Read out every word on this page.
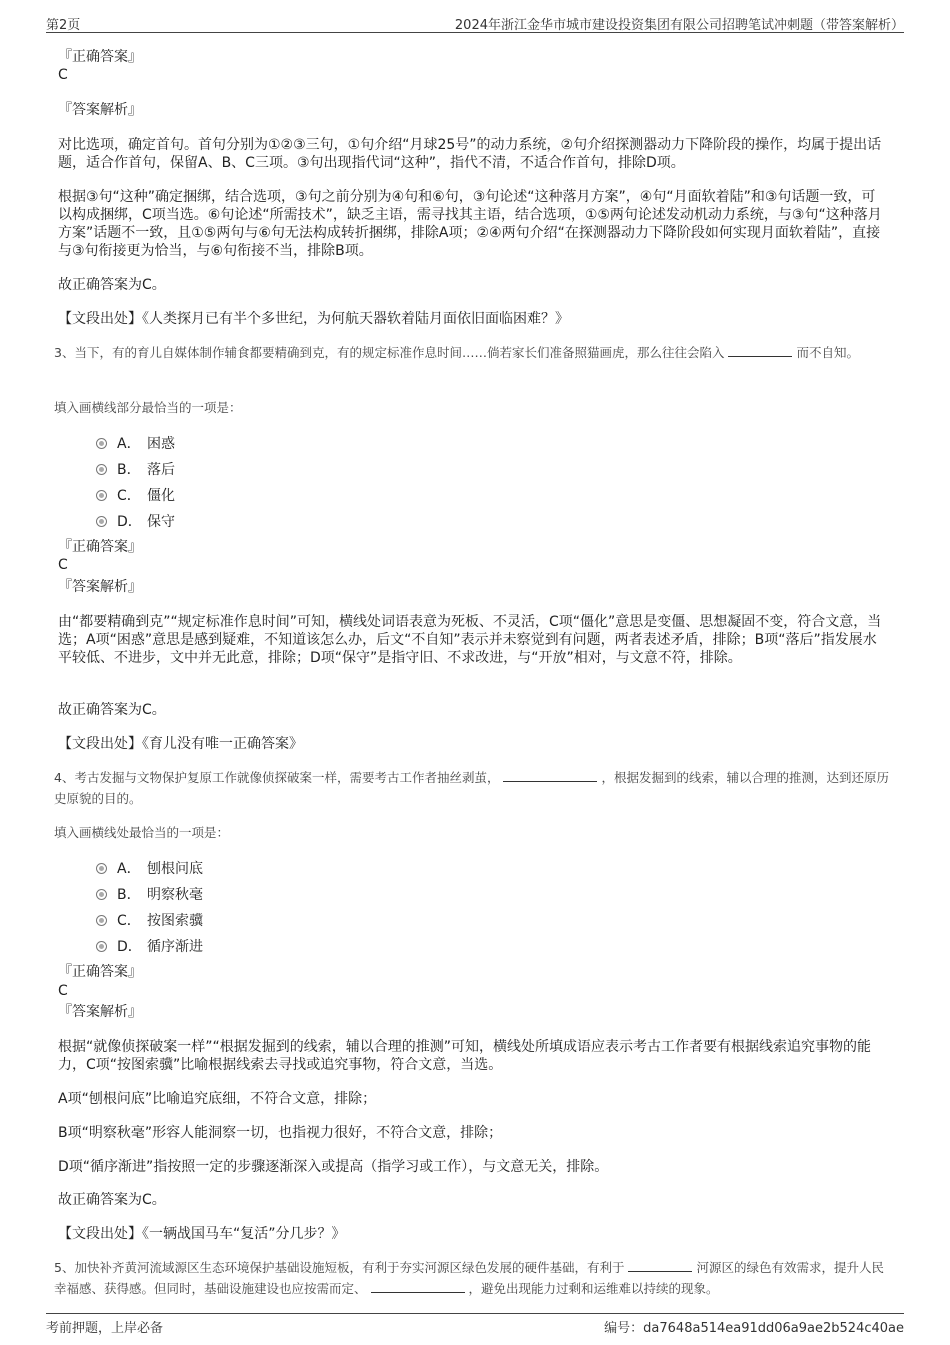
第2页	2024年浙江金华市城市建设投资集团有限公司招聘笔试冲刺题（带答案解析）
『正确答案』
C
『答案解析』
对比选项，确定首句。首句分别为①②③三句，①句介绍“月球25号”的动力系统，②句介绍探测器动力下降阶段的操作，均属于提出话题，适合作首句，保留A、B、C三项。③句出现指代词“这种”，指代不清，不适合作首句，排除D项。
根据③句“这种”确定捆绑，结合选项，③句之前分别为④句和⑥句，③句论述“这种落月方案”，④句“月面软着陆”和③句话题一致，可以构成捆绑，C项当选。⑥句论述“所需技术”，缺乏主语，需寻找其主语，结合选项，①⑤两句论述发动机动力系统，与③句“这种落月方案”话题不一致，且①⑤两句与⑥句无法构成转折捆绑，排除A项；②④两句介绍“在探测器动力下降阶段如何实现月面软着陆”，直接与③句衔接更为恰当，与⑥句衔接不当，排除B项。
故正确答案为C。
【文段出处】《人类探月已有半个多世纪，为何航天器软着陆月面依旧面临困难？》
3、当下，有的育儿自媒体制作辅食都要精确到克，有的规定标准作息时间……倘若家长们准备照猫画虎，那么往往会陷入	而不自知。
填入画横线部分最恰当的一项是：
A． 困惑
B． 落后
C． 僵化
D． 保守
『正确答案』
C
『答案解析』
由“都要精确到克”“规定标准作息时间”可知，横线处词语表意为死板、不灵活，C项“僵化”意思是变僵、思想凝固不变，符合文意，当选；A项“困惑”意思是感到疑难，不知道该怎么办，后文“不自知”表示并未察觉到有问题，两者表述矛盾，排除；B项“落后”指发展水平较低、不进步，文中并无此意，排除；D项“保守”是指守旧、不求改进，与“开放”相对，与文意不符，排除。
故正确答案为C。
【文段出处】《育儿没有唯一正确答案》
4、考古发掘与文物保护复原工作就像侦探破案一样，需要考古工作者抽丝剥茧，	，根据发掘到的线索，辅以合理的推测，达到还原历史原貌的目的。
填入画横线处最恰当的一项是：
A． 刨根问底
B． 明察秋毫
C． 按图索骥
D． 循序渐进
『正确答案』
C
『答案解析』
根据“就像侦探破案一样”“根据发掘到的线索，辅以合理的推测”可知，横线处所填成语应表示考古工作者要有根据线索追究事物的能力，C项“按图索骥”比喻根据线索去寻找或追究事物，符合文意，当选。
A项“刨根问底”比喻追究底细，不符合文意，排除；
B项“明察秋毫”形容人能洞察一切，也指视力很好，不符合文意，排除；
D项“循序渐进”指按照一定的步骤逐渐深入或提高（指学习或工作），与文意无关，排除。
故正确答案为C。
【文段出处】《一辆战国马车“复活”分几步？》
5、加快补齐黄河流域源区生态环境保护基础设施短板，有利于夯实河源区绿色发展的硬件基础，有利于	河源区的绿色有效需求，提升人民幸福感、获得感。但同时，基础设施建设也应按需而定、	，避免出现能力过剩和运维难以持续的现象。
考前押题，上岸必备	编号：da7648a514ea91dd06a9ae2b524c40ae
